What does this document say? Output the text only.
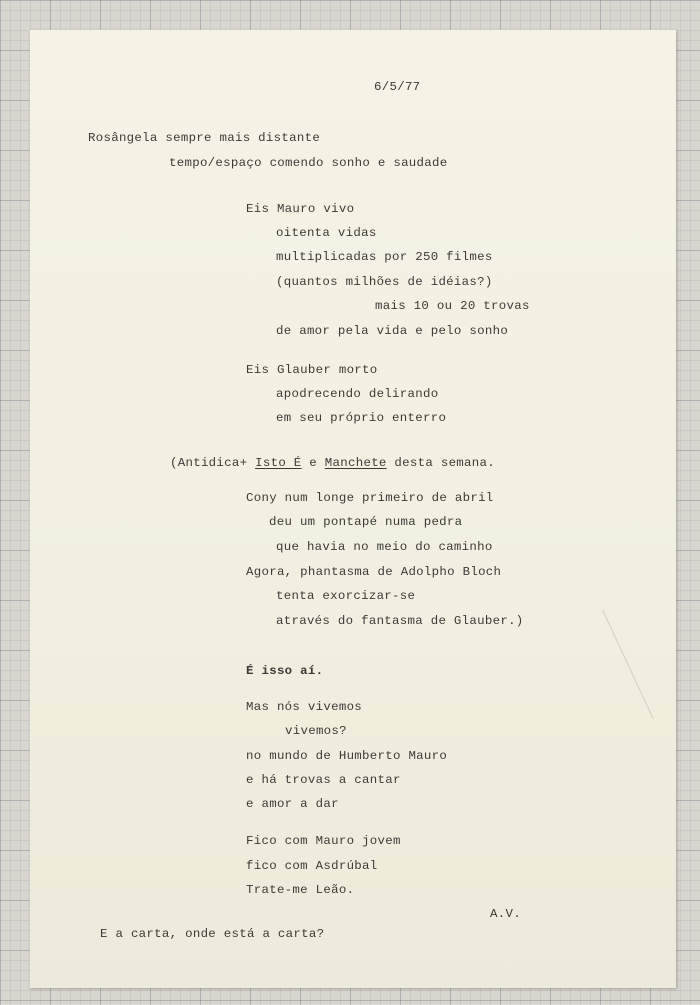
6/5/77

Rosângela sempre mais distante

tempo/espaço comendo sonho e saudade

Eis Mauro vivo

oitenta vidas

multiplicadas por 250 filmes

(quantos milhões de idéias?)

mais 10 ou 20 trovas

de amor pela vida e pelo sonho

Eis Glauber morto

apodrecendo delirando

em seu próprio enterro

(Antidica+ Isto É e Manchete desta semana.

Cony num longe primeiro de abril

deu um pontapé numa pedra

que havia no meio do caminho

Agora, phantasma de Adolpho Bloch

tenta exorcizar-se

através do fantasma de Glauber.)

É isso aí.

Mas nós vivemos

vivemos?

no mundo de Humberto Mauro

e há trovas a cantar

e amor a dar

Fico com Mauro jovem

fico com Asdrúbal

Trate-me Leão.

A.V.

E a carta, onde está a carta?
